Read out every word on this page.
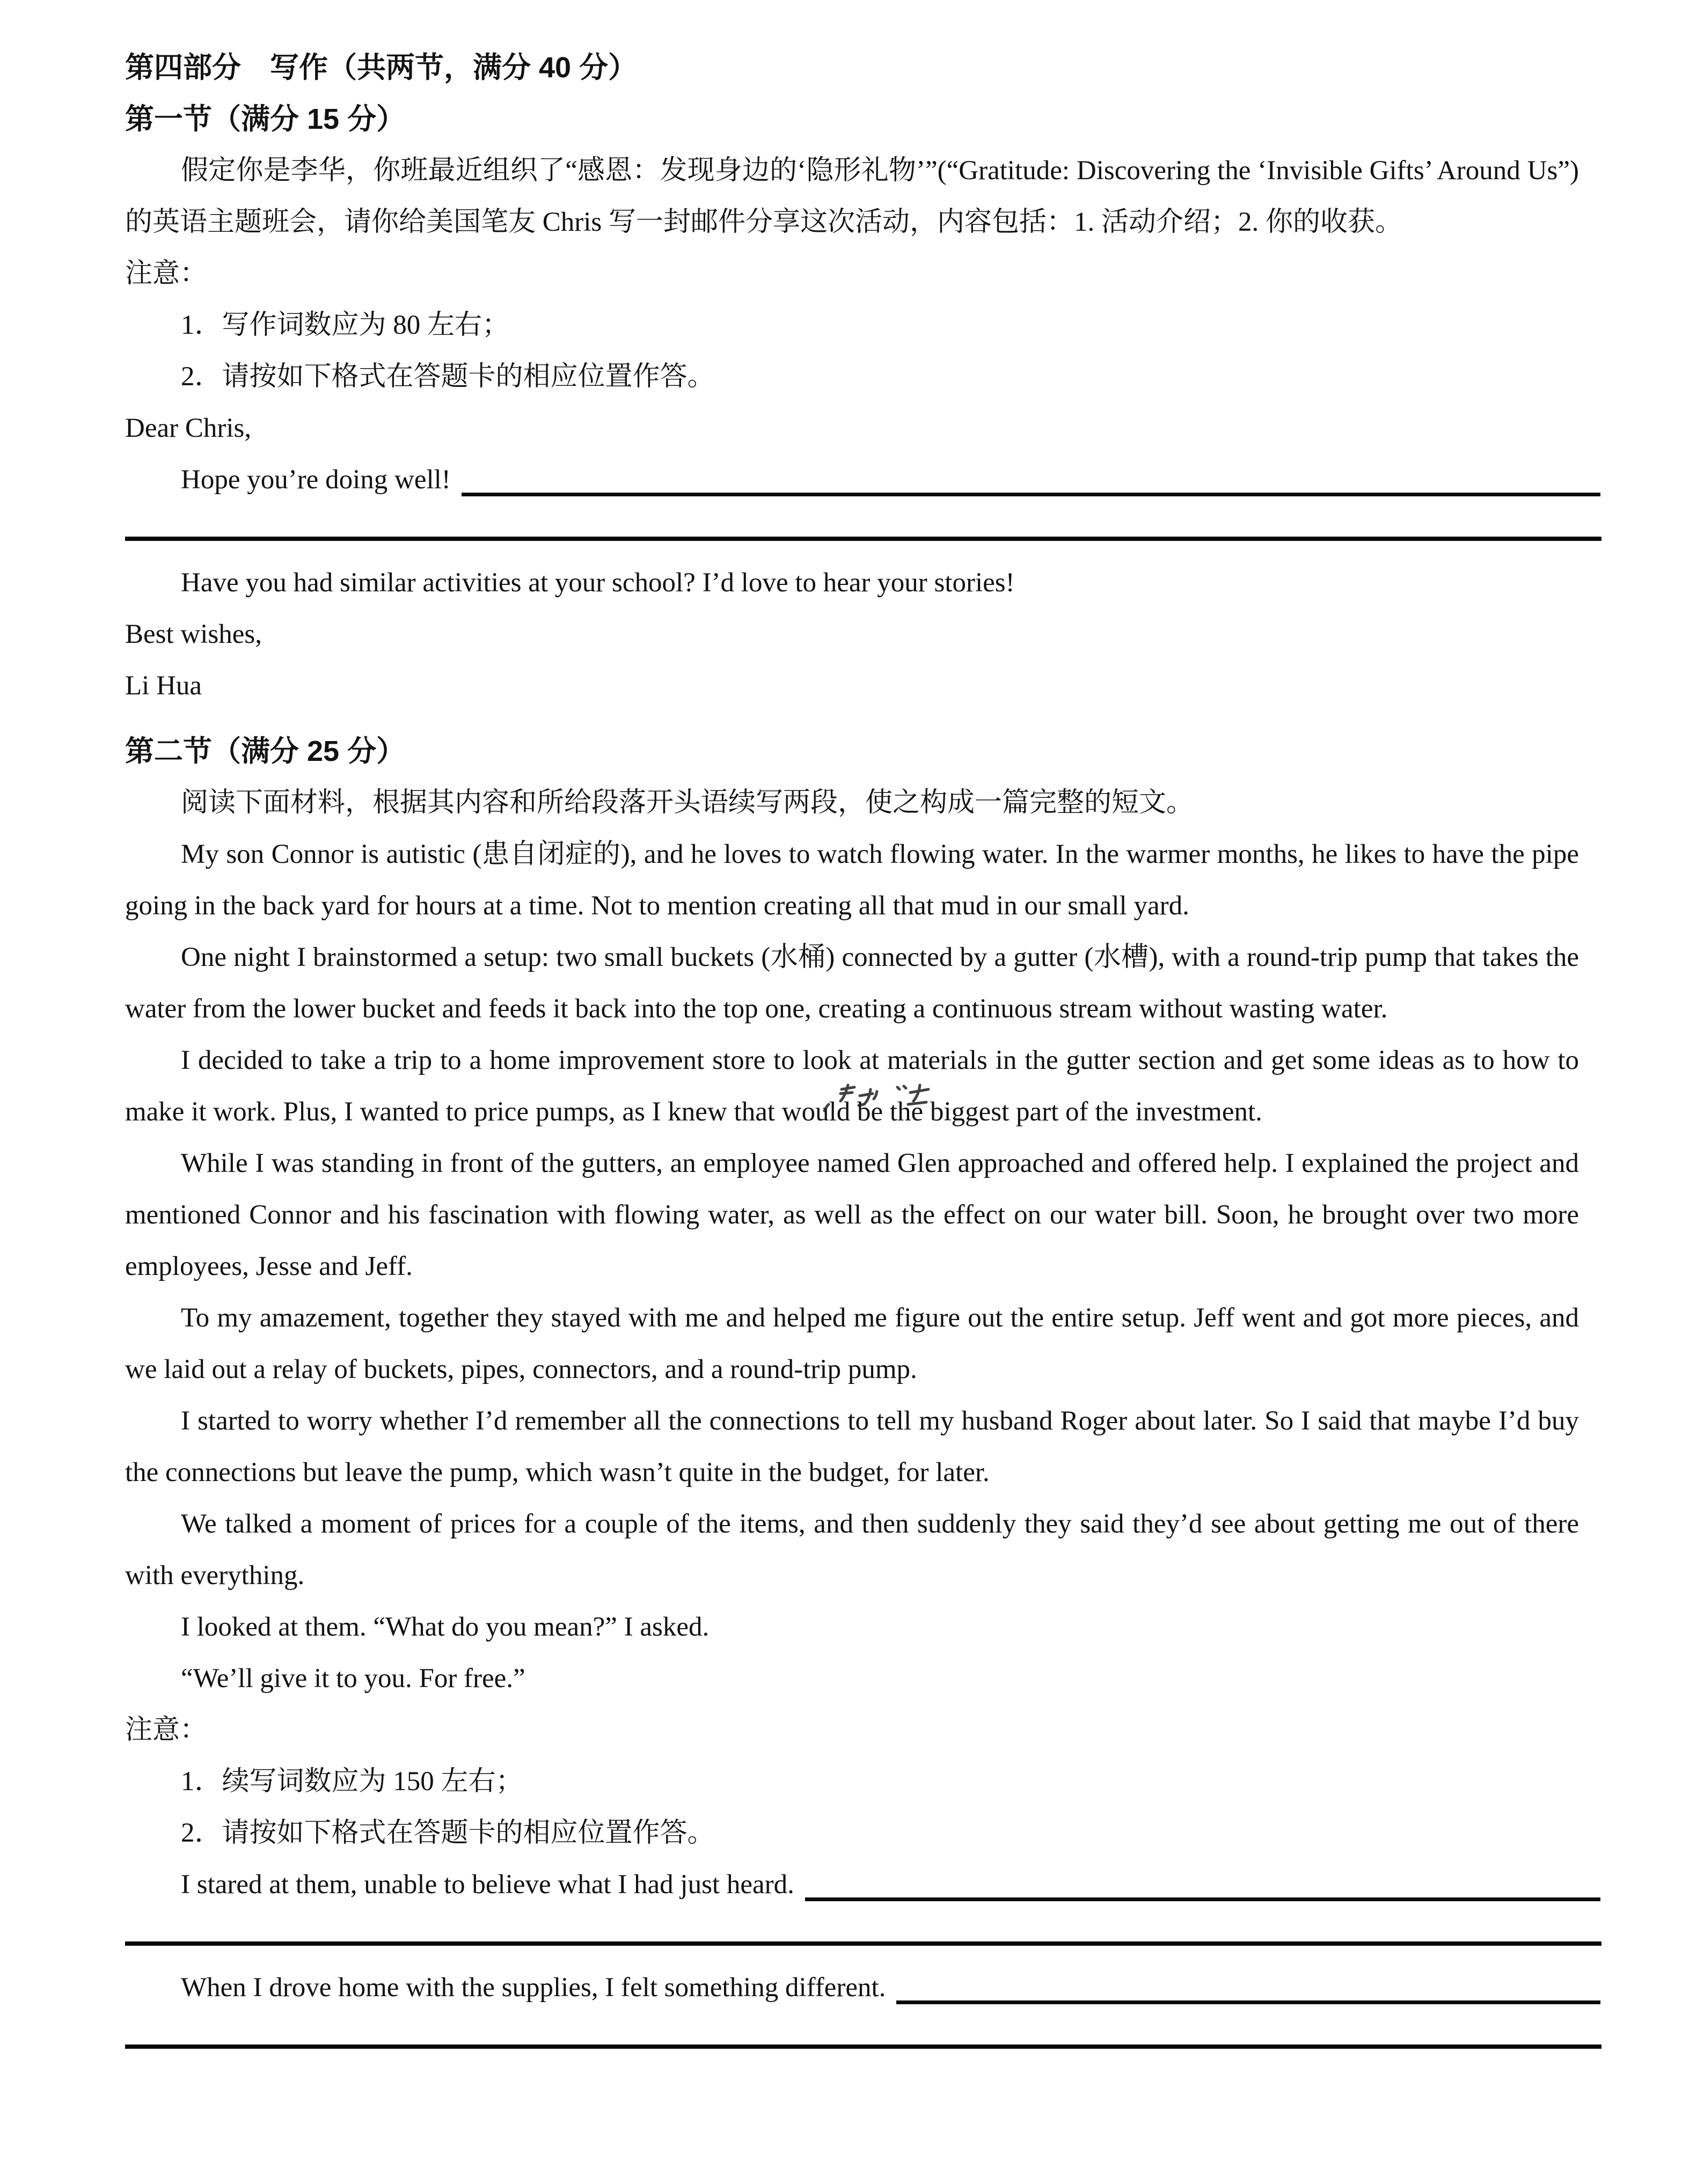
第四部分　写作（共两节，满分 40 分）
第一节（满分 15 分）
假定你是李华，你班最近组织了“感恩：发现身边的‘隐形礼物’”(“Gratitude: Discovering the ‘Invisible Gifts’ Around Us”) 的英语主题班会，请你给美国笔友 Chris 写一封邮件分享这次活动，内容包括：1. 活动介绍；2. 你的收获。
注意：
1．写作词数应为 80 左右；
2．请按如下格式在答题卡的相应位置作答。
Dear Chris,
Hope you’re doing well!
Have you had similar activities at your school? I’d love to hear your stories!
Best wishes,
Li Hua
第二节（满分 25 分）
阅读下面材料，根据其内容和所给段落开头语续写两段，使之构成一篇完整的短文。
My son Connor is autistic (患自闭症的), and he loves to watch flowing water. In the warmer months, he likes to have the pipe going in the back yard for hours at a time. Not to mention creating all that mud in our small yard.
One night I brainstormed a setup: two small buckets (水桶) connected by a gutter (水槽), with a round-trip pump that takes the water from the lower bucket and feeds it back into the top one, creating a continuous stream without wasting water.
I decided to take a trip to a home improvement store to look at materials in the gutter section and get some ideas as to how to make it work. Plus, I wanted to price pumps, as I knew that would be the biggest part of the investment.
While I was standing in front of the gutters, an employee named Glen approached and offered help. I explained the project and mentioned Connor and his fascination with flowing water, as well as the effect on our water bill. Soon, he brought over two more employees, Jesse and Jeff.
To my amazement, together they stayed with me and helped me figure out the entire setup. Jeff went and got more pieces, and we laid out a relay of buckets, pipes, connectors, and a round-trip pump.
I started to worry whether I’d remember all the connections to tell my husband Roger about later. So I said that maybe I’d buy the connections but leave the pump, which wasn’t quite in the budget, for later.
We talked a moment of prices for a couple of the items, and then suddenly they said they’d see about getting me out of there with everything.
I looked at them. “What do you mean?” I asked.
“We’ll give it to you. For free.”
注意：
1．续写词数应为 150 左右；
2．请按如下格式在答题卡的相应位置作答。
I stared at them, unable to believe what I had just heard.
When I drove home with the supplies, I felt something different.
